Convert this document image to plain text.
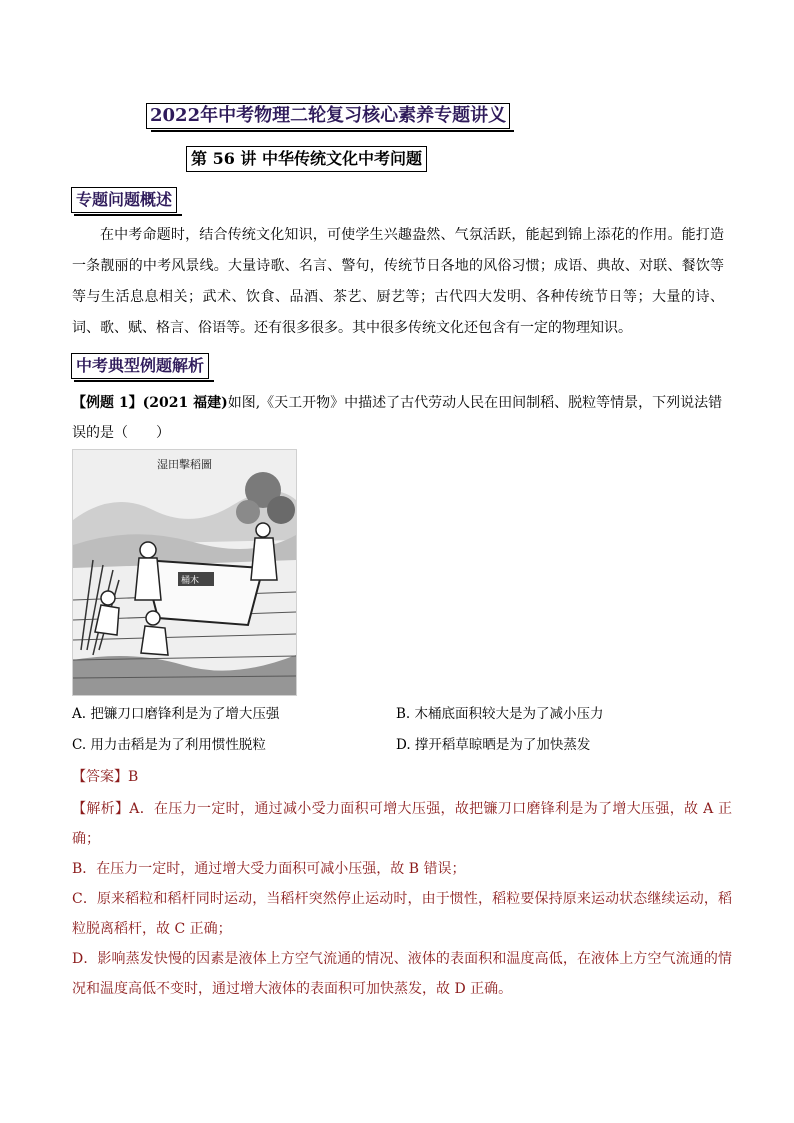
2022年中考物理二轮复习核心素养专题讲义
第 56 讲 中华传统文化中考问题
专题问题概述

在中考命题时，结合传统文化知识，可使学生兴趣盎然、气氛活跃，能起到锦上添花的作用。能打造一条靓丽的中考风景线。大量诗歌、名言、警句，传统节日各地的风俗习惯；成语、典故、对联、餐饮等等与生活息息相关；武术、饮食、品酒、茶艺、厨艺等；古代四大发明、各种传统节日等；大量的诗、词、歌、赋、格言、俗语等。还有很多很多。其中很多传统文化还包含有一定的物理知识。

中考典型例题解析
【例题 1】(2021 福建)如图,《天工开物》中描述了古代劳动人民在田间制稻、脱粒等情景，下列说法错误的是（　　）
湿田擊稻圖
桶木
A. 把镰刀口磨锋利是为了增大压强	B. 木桶底面积较大是为了减小压力
C. 用力击稻是为了利用惯性脱粒	D. 撑开稻草晾晒是为了加快蒸发
【答案】B

【解析】A．在压力一定时，通过减小受力面积可增大压强，故把镰刀口磨锋利是为了增大压强，故 A 正确；

B．在压力一定时，通过增大受力面积可减小压强，故 B 错误；

C．原来稻粒和稻杆同时运动，当稻杆突然停止运动时，由于惯性，稻粒要保持原来运动状态继续运动，稻粒脱离稻杆，故 C 正确；

D．影响蒸发快慢的因素是液体上方空气流通的情况、液体的表面积和温度高低，在液体上方空气流通的情况和温度高低不变时，通过增大液体的表面积可加快蒸发，故 D 正确。
